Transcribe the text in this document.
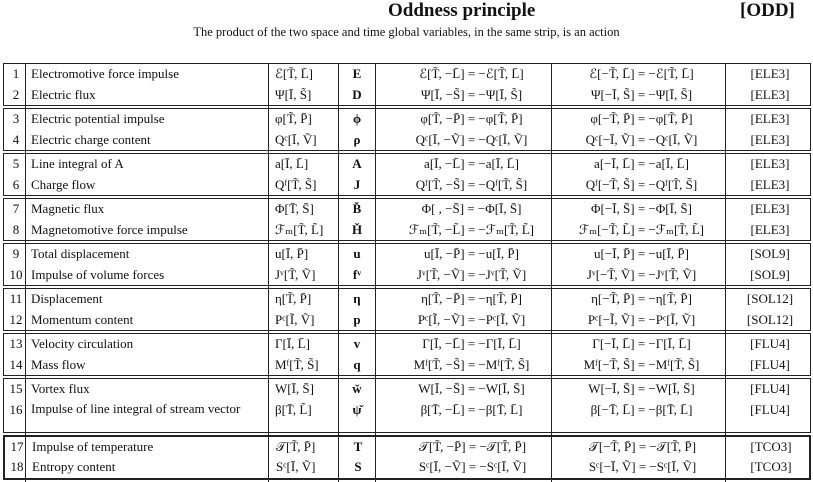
Oddness principle	[ODD]
The product of the two space and time global variables, in the same strip, is an action
1 Electromotive force impulse	ℰ[T̃, L̄]	E	ℰ[T̃, −L̄] = −ℰ[T̃, L̄]	ℰ[−T̃, L̄] = −ℰ[T̃, L̄]	[ELE3]
2 Electric flux	Ψ[Ī, S̃]	D	Ψ[Ī, −S̃] = −Ψ[Ī, S̃]	Ψ[−Ī, S̃] = −Ψ[Ī, S̃]	[ELE3]
3 Electric potential impulse	φ[T̃, P̄]	ϕ	φ[T̃, −P̄] = −φ[T̃, P̄]	φ[−T̃, P̄] = −φ[T̃, P̄]	[ELE3]
4 Electric charge content	Qᶜ[Ī, Ṽ]	ρ	Qᶜ[Ī, −Ṽ] = −Qᶜ[Ī, Ṽ]	Qᶜ[−Ī, Ṽ] = −Qᶜ[Ī, Ṽ]	[ELE3]
5 Line integral of A	a[Ī, L̄]	A	a[Ī, −L̄] = −a[Ī, L̄]	a[−Ī, L̄] = −a[Ī, L̄]	[ELE3]
6 Charge flow	Qᶠ[T̃, S̃]	J	Qᶠ[T̃, −S̃] = −Qᶠ[T̃, S̃]	Qᶠ[−T̃, S̃] = −Qᶠ[T̃, S̃]	[ELE3]
7 Magnetic flux	Φ[T̄, S̄]	B̌	Φ[ , −S̄] = −Φ[Ī, S̄]	Φ[−Ī, S̄] = −Φ[Ī, S̄]	[ELE3]
8 Magnetomotive force impulse	ℱₘ[T̃, L̃]	Ȟ	ℱₘ[T̃, −L̃] = −ℱₘ[T̃, L̃]	ℱₘ[−T̃, L̃] = −ℱₘ[T̃, L̃]	[ELE3]
9 Total displacement	u[Ī, P̄]	u	u[Ī, −P̄] = −u[Ī, P̄]	u[−Ī, P̄] = −u[Ī, P̄]	[SOL9]
10 Impulse of volume forces	Jᵛ[T̃, Ṽ]	fᵛ	Jᵛ[T̃, −Ṽ] = −Jᵛ[T̃, Ṽ]	Jᵛ[−T̃, Ṽ] = −Jᵛ[T̃, Ṽ]	[SOL9]
11 Displacement	η[T̃, P̄]	η	η[T̃, −P̄] = −η[T̃, P̄]	η[−T̃, P̄] = −η[T̃, P̄]	[SOL12]
12 Momentum content	Pᶜ[Ĩ, Ṽ]	p	Pᶜ[Ĩ, −Ṽ] = −Pᶜ[Ĩ, Ṽ]	Pᶜ[−Ĩ, Ṽ] = −Pᶜ[Ĩ, Ṽ]	[SOL12]
13 Velocity circulation	Γ[Ī, L̄]	v	Γ[Ī, −L̄] = −Γ[Ī, L̄]	Γ[−Ī, L̄] = −Γ[Ī, L̄]	[FLU4]
14 Mass flow	Mᶠ[T̃, S̃]	q	Mᶠ[T̃, −S̃] = −Mᶠ[T̃, S̃]	Mᶠ[−T̃, S̃] = −Mᶠ[T̃, S̃]	[FLU4]
15 Vortex flux	W[Ī, S̄]	w̌	W[Ī, −S̄] = −W[Ī, S̄]	W[−Ī, S̄] = −W[Ī, S̄]	[FLU4]
16 Impulse of line integral of stream vector	β[T̄, L̃]	ψ̌	β[T̄, −L̄] = −β[T̄, L̄]	β[−T̄, L̄] = −β[T̄, L̄]	[FLU4]
17 Impulse of temperature	𝒯[T̃, P̄]	T	𝒯[T̃, −P̄] = −𝒯[T̃, P̄]	𝒯[−T̃, P̄] = −𝒯[T̃, P̄]	[TCO3]
18 Entropy content	Sᶜ[Ī, Ṽ]	S	Sᶜ[Ī, −Ṽ] = −Sᶜ[Ī, Ṽ]	Sᶜ[−Ī, Ṽ] = −Sᶜ[Ī, Ṽ]	[TCO3]
